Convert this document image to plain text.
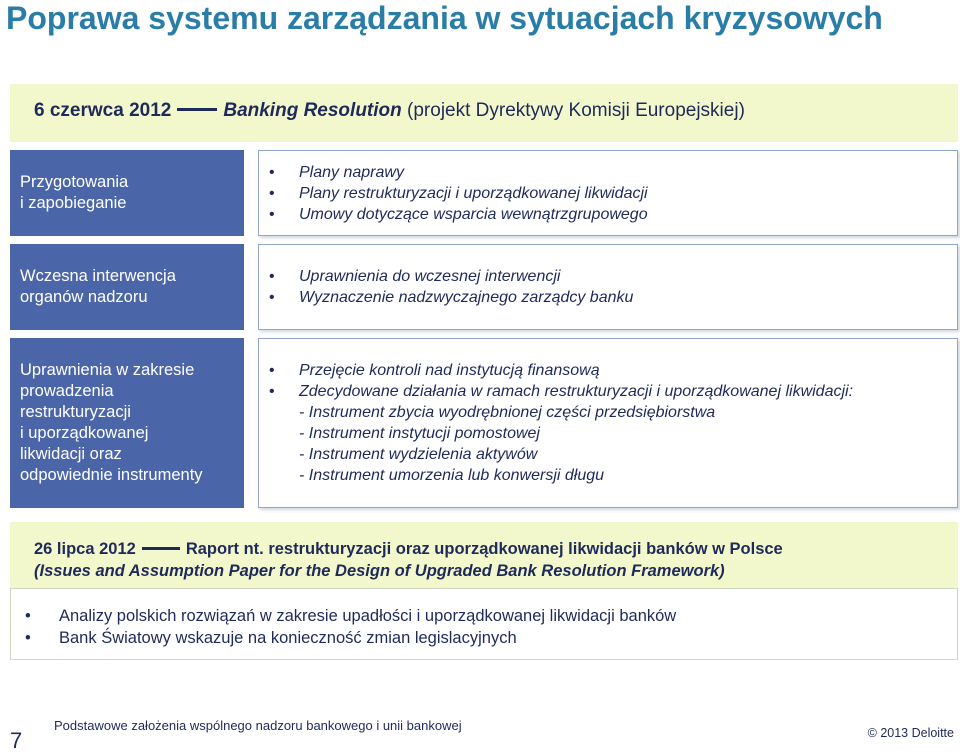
Poprawa systemu zarządzania w sytuacjach kryzysowych
6 czerwca 2012	Banking Resolution (projekt Dyrektywy Komisji Europejskiej)
Przygotowania
i zapobieganie
• Plany naprawy
• Plany restrukturyzacji i uporządkowanej likwidacji
• Umowy dotyczące wsparcia wewnątrzgrupowego
Wczesna interwencja
organów nadzoru
• Uprawnienia do wczesnej interwencji
• Wyznaczenie nadzwyczajnego zarządcy banku
Uprawnienia w zakresie
prowadzenia
restrukturyzacji
i uporządkowanej
likwidacji oraz
odpowiednie instrumenty
• Przejęcie kontroli nad instytucją finansową
• Zdecydowane działania w ramach restrukturyzacji i uporządkowanej likwidacji:
- Instrument zbycia wyodrębnionej części przedsiębiorstwa
- Instrument instytucji pomostowej
- Instrument wydzielenia aktywów
- Instrument umorzenia lub konwersji długu
26 lipca 2012	Raport nt. restrukturyzacji oraz uporządkowanej likwidacji banków w Polsce
(Issues and Assumption Paper for the Design of Upgraded Bank Resolution Framework)
• Analizy polskich rozwiązań w zakresie upadłości i uporządkowanej likwidacji banków
• Bank Światowy wskazuje na konieczność zmian legislacyjnych
7
Podstawowe założenia wspólnego nadzoru bankowego i unii bankowej	© 2013 Deloitte
